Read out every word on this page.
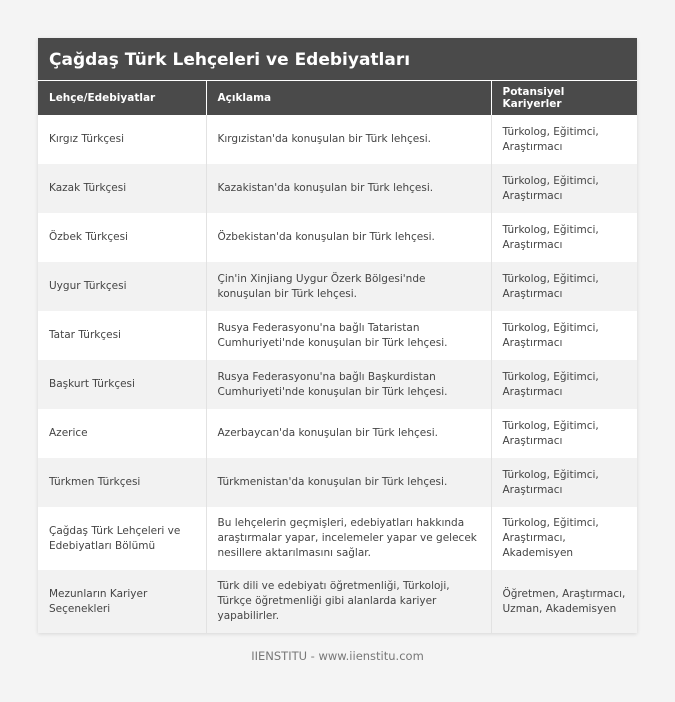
Çağdaş Türk Lehçeleri ve Edebiyatları
Lehçe/Edebiyatlar	Açıklama	Potansiyel Kariyerler
Kırgız Türkçesi	Kırgızistan'da konuşulan bir Türk lehçesi.	Türkolog, Eğitimci, Araştırmacı
Kazak Türkçesi	Kazakistan'da konuşulan bir Türk lehçesi.	Türkolog, Eğitimci, Araştırmacı
Özbek Türkçesi	Özbekistan'da konuşulan bir Türk lehçesi.	Türkolog, Eğitimci, Araştırmacı
Uygur Türkçesi	Çin'in Xinjiang Uygur Özerk Bölgesi'nde konuşulan bir Türk lehçesi.	Türkolog, Eğitimci, Araştırmacı
Tatar Türkçesi	Rusya Federasyonu'na bağlı Tataristan Cumhuriyeti'nde konuşulan bir Türk lehçesi.	Türkolog, Eğitimci, Araştırmacı
Başkurt Türkçesi	Rusya Federasyonu'na bağlı Başkurdistan Cumhuriyeti'nde konuşulan bir Türk lehçesi.	Türkolog, Eğitimci, Araştırmacı
Azerice	Azerbaycan'da konuşulan bir Türk lehçesi.	Türkolog, Eğitimci, Araştırmacı
Türkmen Türkçesi	Türkmenistan'da konuşulan bir Türk lehçesi.	Türkolog, Eğitimci, Araştırmacı
Çağdaş Türk Lehçeleri ve Edebiyatları Bölümü	Bu lehçelerin geçmişleri, edebiyatları hakkında araştırmalar yapar, incelemeler yapar ve gelecek nesillere aktarılmasını sağlar.	Türkolog, Eğitimci, Araştırmacı, Akademisyen
Mezunların Kariyer Seçenekleri	Türk dili ve edebiyatı öğretmenliği, Türkoloji, Türkçe öğretmenliği gibi alanlarda kariyer yapabilirler.	Öğretmen, Araştırmacı, Uzman, Akademisyen
IIENSTITU - www.iienstitu.com
